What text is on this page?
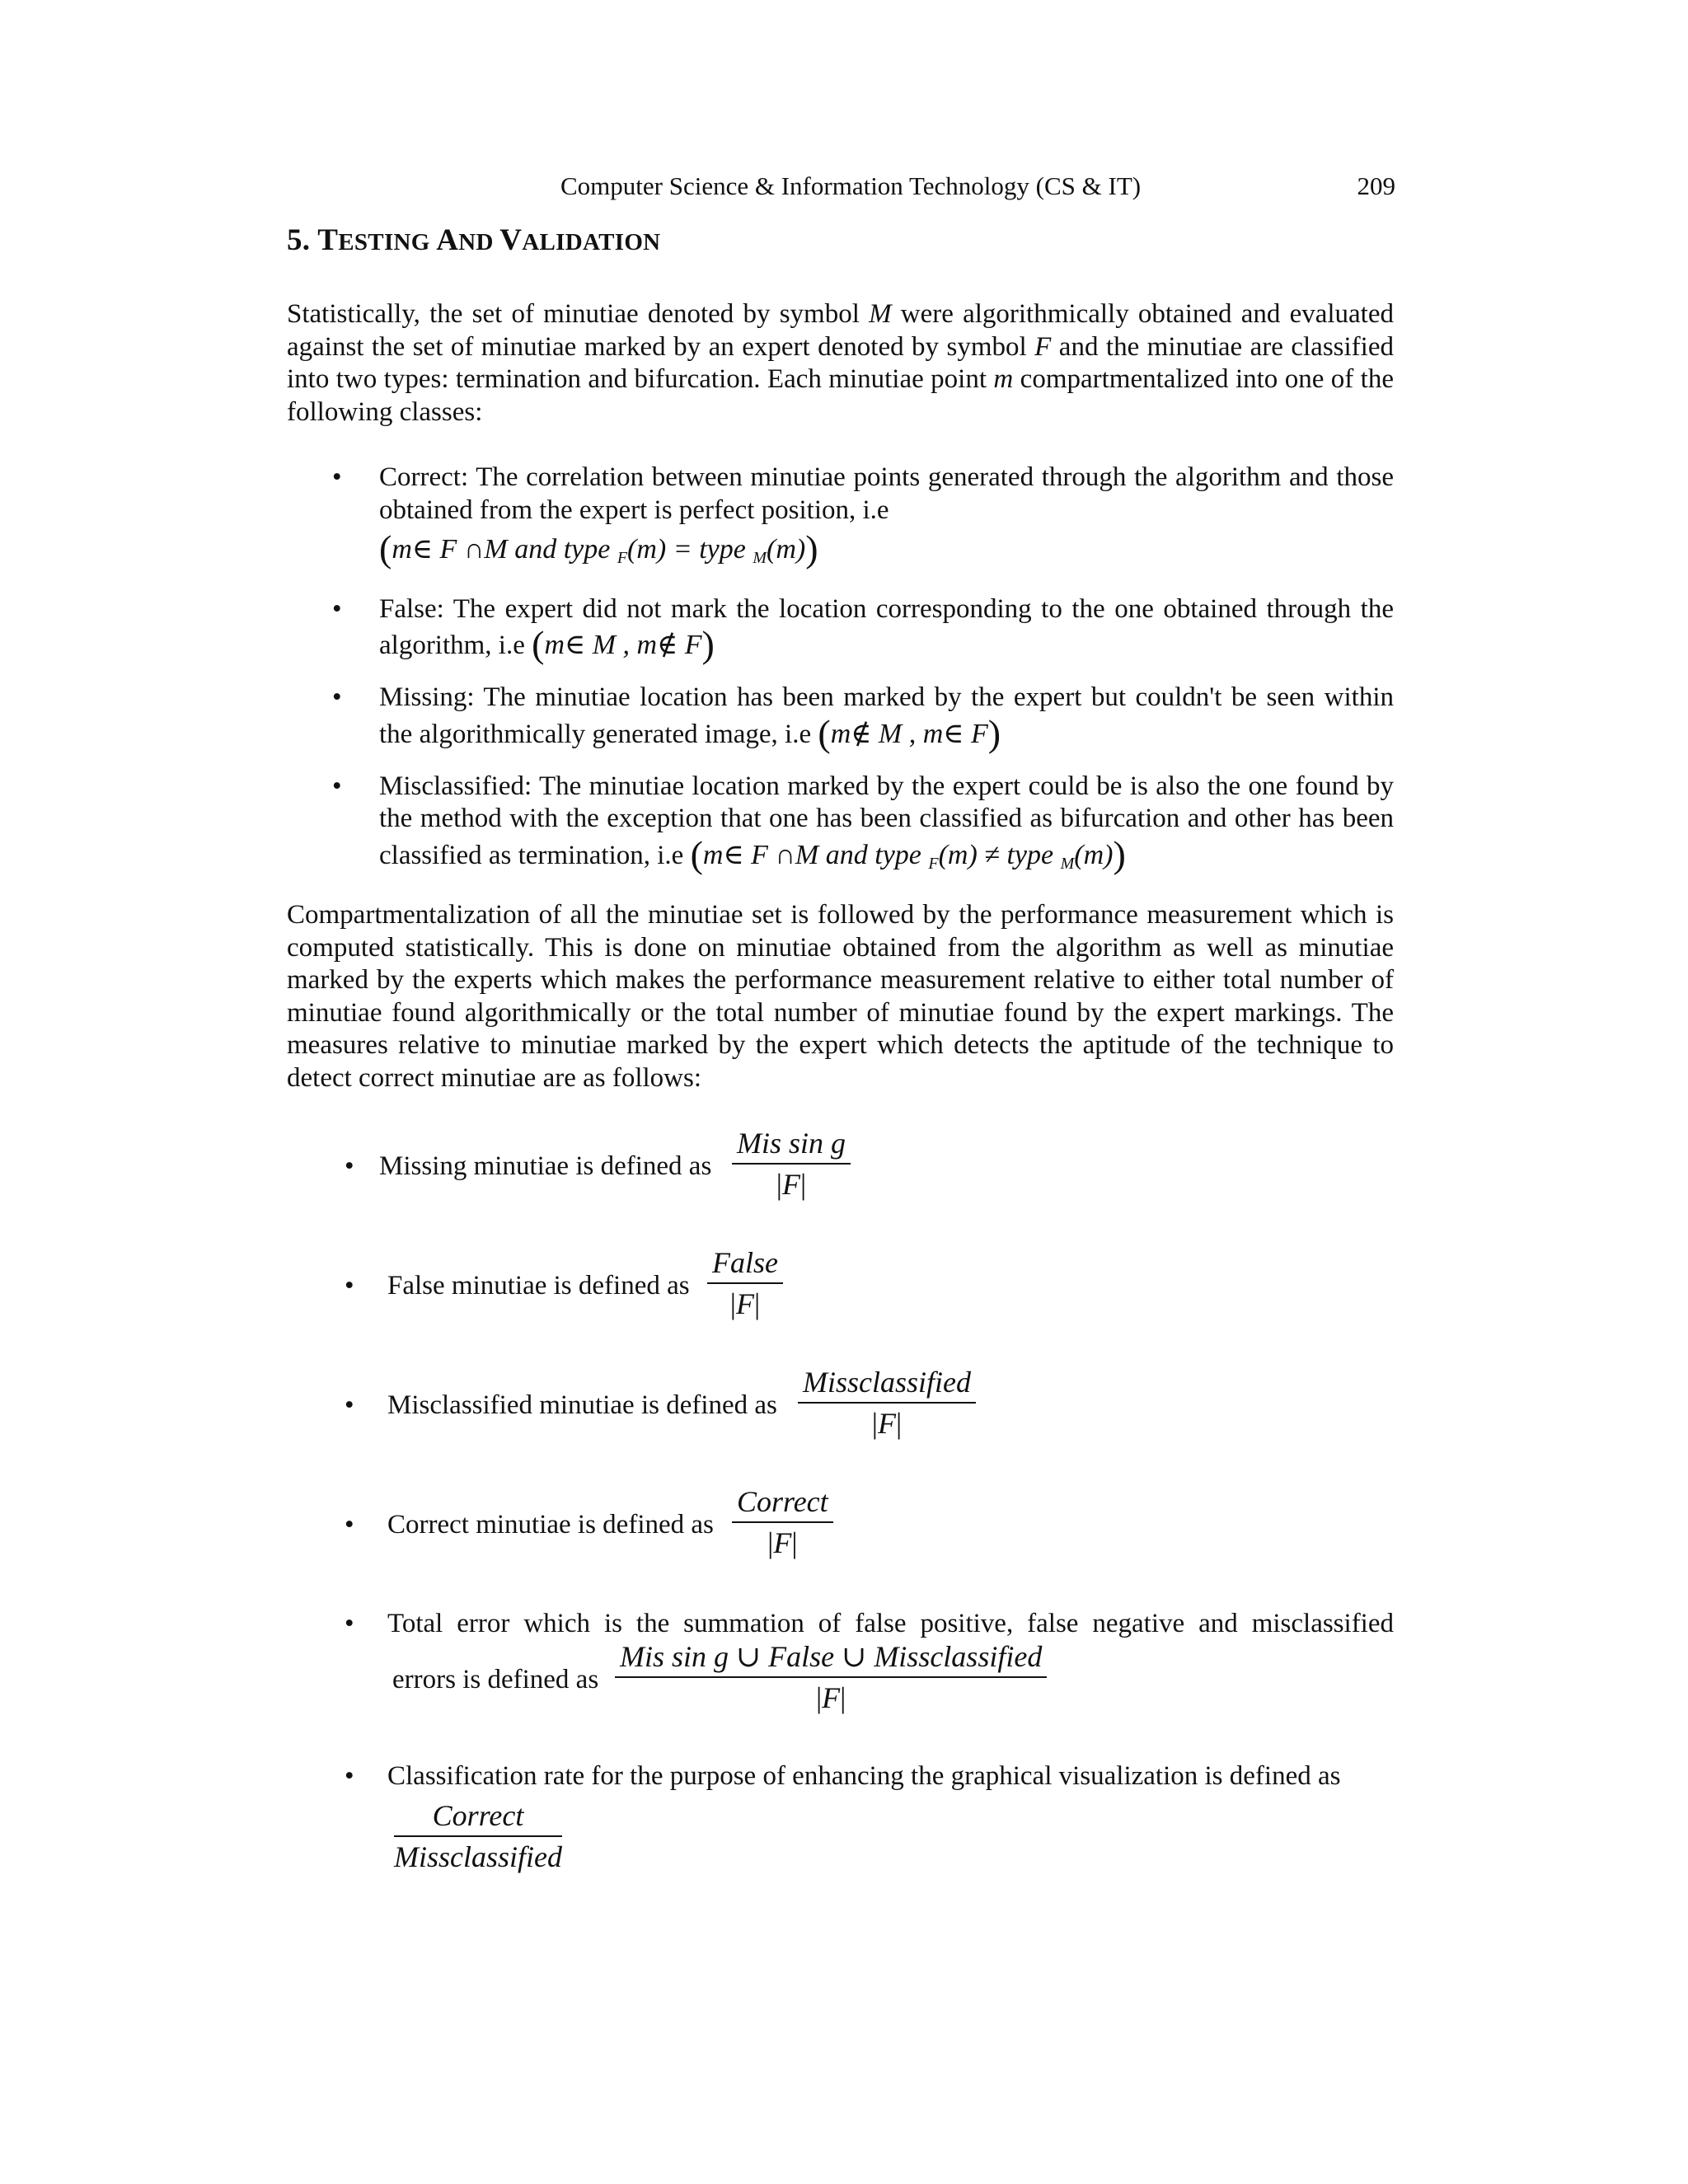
Computer Science & Information Technology (CS & IT)	209
5. TESTING AND VALIDATION

Statistically, the set of minutiae denoted by symbol M were algorithmically obtained and evaluated against the set of minutiae marked by an expert denoted by symbol F and the minutiae are classified into two types: termination and bifurcation. Each minutiae point m compartmentalized into one of the following classes:

• Correct: The correlation between minutiae points generated through the algorithm and those obtained from the expert is perfect position, i.e
(m∈ F ∩M and type $_F$(m) = type $_M$(m))
• False: The expert did not mark the location corresponding to the one obtained through the algorithm, i.e (m∈ M , m∉ F)
• Missing: The minutiae location has been marked by the expert but couldn't be seen within the algorithmically generated image, i.e (m∉ M , m∈ F)
• Misclassified: The minutiae location marked by the expert could be is also the one found by the method with the exception that one has been classified as bifurcation and other has been classified as termination, i.e (m∈ F ∩M and type $_F$(m) ≠ type $_M$(m))

Compartmentalization of all the minutiae set is followed by the performance measurement which is computed statistically. This is done on minutiae obtained from the algorithm as well as minutiae marked by the experts which makes the performance measurement relative to either total number of minutiae found algorithmically or the total number of minutiae found by the expert markings. The measures relative to minutiae marked by the expert which detects the aptitude of the technique to detect correct minutiae are as follows:

• Missing minutiae is defined as
Mis sin g
|F|
• False minutiae is defined as
False
|F|
• Misclassified minutiae is defined as
Missclassified
|F|
• Correct minutiae is defined as
Correct
|F|
• Total error which is the summation of false positive, false negative and misclassified
errors is defined as
Mis sin g ∪ False ∪ Missclassified
|F|
• Classification rate for the purpose of enhancing the graphical visualization is defined as
Correct
Missclassified
